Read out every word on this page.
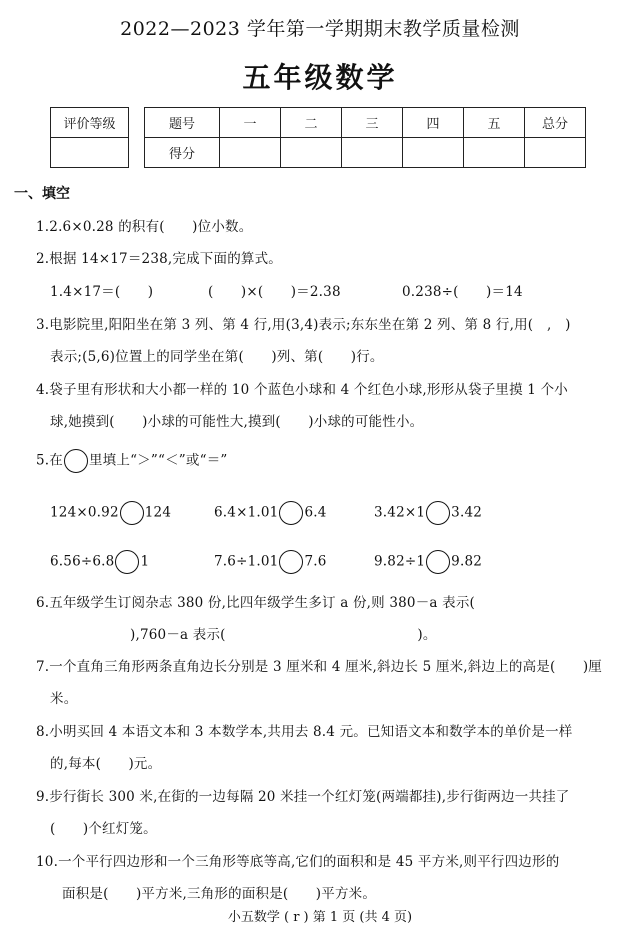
2022—2023 学年第一学期期末教学质量检测
五年级数学
评价等级	题号	一	二	三	四	五	总分
得分						
一、填空
1.2.6×0.28 的积有(　　)位小数。
2.根据 14×17＝238,完成下面的算式。
1.4×17＝(　　)	(　　)×(　　)＝2.38	0.238÷(　　)＝14
3.电影院里,阳阳坐在第 3 列、第 4 行,用(3,4)表示;东东坐在第 2 列、第 8 行,用(　,　)
表示;(5,6)位置上的同学坐在第(　　)列、第(　　)行。
4.袋子里有形状和大小都一样的 10 个蓝色小球和 4 个红色小球,形形从袋子里摸 1 个小
球,她摸到(　　)小球的可能性大,摸到(　　)小球的可能性小。
5.在 里填上“＞”“＜”或“＝”
124×0.92 124	6.4×1.01 6.4	3.42×1 3.42
6.56÷6.8 1	7.6÷1.01 7.6	9.82÷1 9.82
6.五年级学生订阅杂志 380 份,比四年级学生多订 a 份,则 380－a 表示(
),760－a 表示(　　　　　　　　　　　　　　)。
7.一个直角三角形两条直角边长分别是 3 厘米和 4 厘米,斜边长 5 厘米,斜边上的高是(　　)厘
米。
8.小明买回 4 本语文本和 3 本数学本,共用去 8.4 元。已知语文本和数学本的单价是一样
的,每本(　　)元。
9.步行街长 300 米,在街的一边每隔 20 米挂一个红灯笼(两端都挂),步行街两边一共挂了
(　　)个红灯笼。
10.一个平行四边形和一个三角形等底等高,它们的面积和是 45 平方米,则平行四边形的
面积是(　　)平方米,三角形的面积是(　　)平方米。
小五数学 ( r ) 第 1 页 (共 4 页)
